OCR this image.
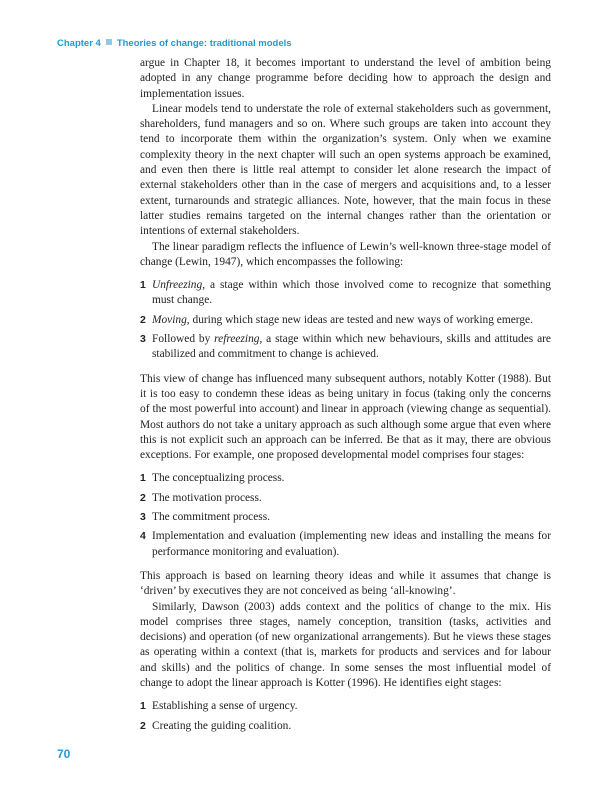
Chapter 4 Theories of change: traditional models

argue in Chapter 18, it becomes important to understand the level of ambition being adopted in any change programme before deciding how to approach the design and implementation issues.

Linear models tend to understate the role of external stakeholders such as government, shareholders, fund managers and so on. Where such groups are taken into account they tend to incorporate them within the organization’s system. Only when we examine complexity theory in the next chapter will such an open systems approach be examined, and even then there is little real attempt to consider let alone research the impact of external stakeholders other than in the case of mergers and acquisitions and, to a lesser extent, turnarounds and strategic alliances. Note, however, that the main focus in these latter studies remains targeted on the internal changes rather than the orientation or intentions of external stakeholders.

The linear paradigm reflects the influence of Lewin’s well-known three-stage model of change (Lewin, 1947), which encompasses the following:

1 Unfreezing, a stage within which those involved come to recognize that something must change.
2 Moving, during which stage new ideas are tested and new ways of working emerge.
3 Followed by refreezing, a stage within which new behaviours, skills and attitudes are stabilized and commitment to change is achieved.

This view of change has influenced many subsequent authors, notably Kotter (1988). But it is too easy to condemn these ideas as being unitary in focus (taking only the concerns of the most powerful into account) and linear in approach (viewing change as sequential). Most authors do not take a unitary approach as such although some argue that even where this is not explicit such an approach can be inferred. Be that as it may, there are obvious exceptions. For example, one proposed developmental model comprises four stages:

1 The conceptualizing process.
2 The motivation process.
3 The commitment process.
4 Implementation and evaluation (implementing new ideas and installing the means for performance monitoring and evaluation).

This approach is based on learning theory ideas and while it assumes that change is ‘driven’ by executives they are not conceived as being ‘all-knowing’.

Similarly, Dawson (2003) adds context and the politics of change to the mix. His model comprises three stages, namely conception, transition (tasks, activities and decisions) and operation (of new organizational arrangements). But he views these stages as operating within a context (that is, markets for products and services and for labour and skills) and the politics of change. In some senses the most influential model of change to adopt the linear approach is Kotter (1996). He identifies eight stages:

1 Establishing a sense of urgency.
2 Creating the guiding coalition.
70
